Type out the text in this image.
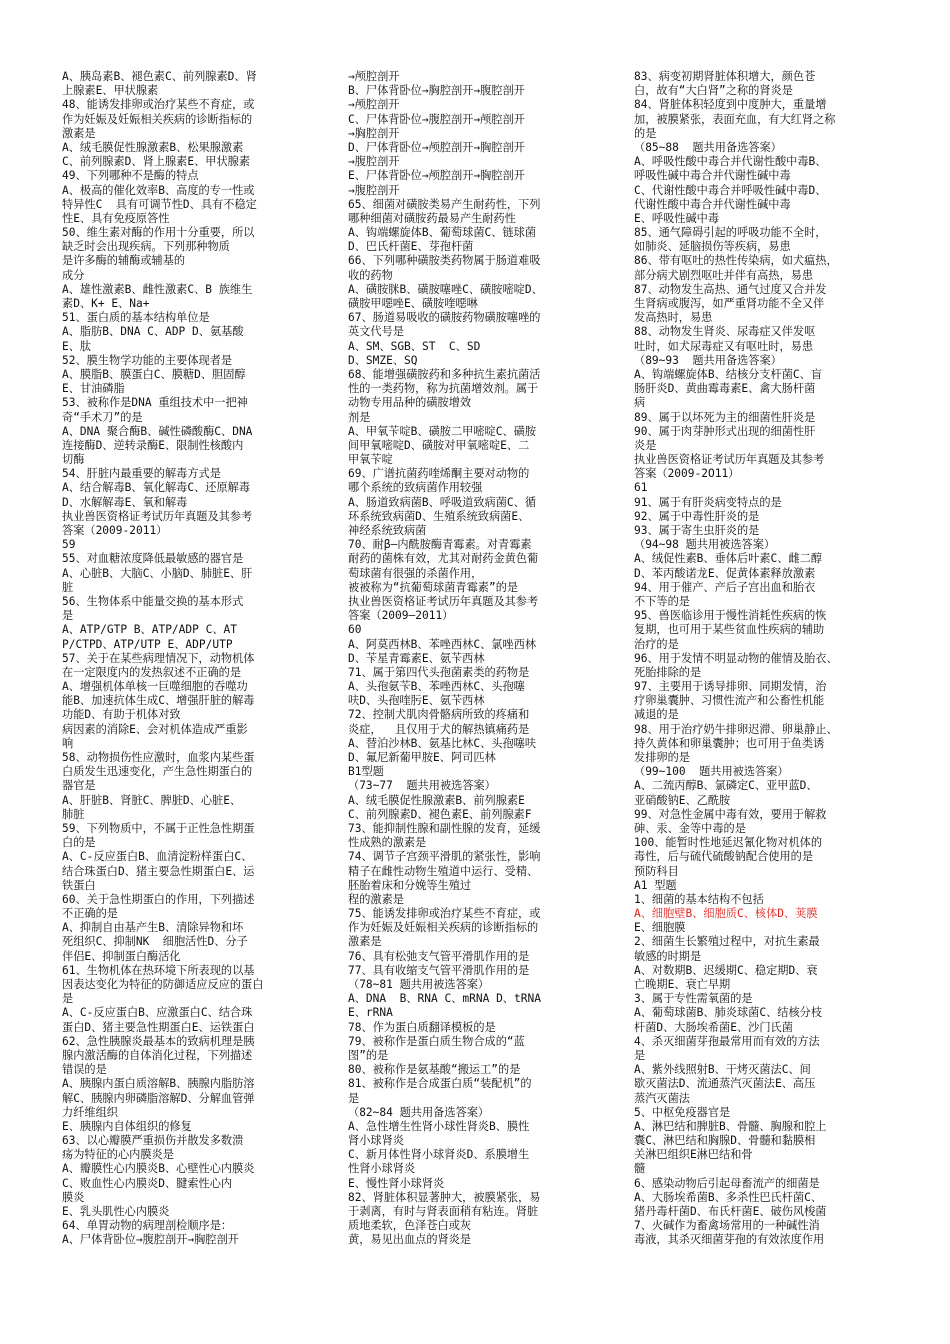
A、胰岛素B、褪色素C、前列腺素D、肾
上腺素E、甲状腺素
48、能诱发排卵或治疗某些不育症，或
作为妊娠及妊娠相关疾病的诊断指标的
激素是
A、绒毛膜促性腺激素B、松果腺激素
C、前列腺素D、肾上腺素E、甲状腺素
49、下列哪种不是酶的特点
A、极高的催化效率B、高度的专一性或
特异性C  具有可调节性D、具有不稳定
性E、具有免疫原答性
50、维生素对酶的作用十分重要，所以
缺乏时会出现疾病。下列那种物质
是许多酶的辅酶或辅基的
成分
A、雄性激素B、雌性激素C、B 族维生
素D、K+ E、Na+
51、蛋白质的基本结构单位是
A、脂肪B、DNA C、ADP D、氨基酸
E、肽
52、膜生物学功能的主要体现者是
A、膜脂B、膜蛋白C、膜糖D、胆固醇
E、甘油磷脂
53、被称作是DNA 重组技术中一把神
奇“手术刀”的是
A、DNA 聚合酶B、碱性磷酸酶C、DNA
连接酶D、逆转录酶E、限制性核酸内
切酶
54、肝脏内最重要的解毒方式是
A、结合解毒B、氧化解毒C、还原解毒
D、水解解毒E、氧和解毒
执业兽医资格证考试历年真题及其参考
答案（2009-2011）
59
55、对血糖浓度降低最敏感的器官是
A、心脏B、大脑C、小脑D、肺脏E、肝
脏
56、生物体系中能量交换的基本形式
是
A、ATP/GTP B、ATP/ADP C、AT
P/CTPD、ATP/UTP E、ADP/UTP
57、关于在某些病理情况下，动物机体
在一定限度内的发热叙述不正确的是
A、增强机体单核一巨噬细胞的吞噬功
能B、加速抗体生成C、增强肝脏的解毒
功能D、有助于机体对致
病因素的消除E、会对机体造成严重影
响
58、动物损伤性应激时，血浆内某些蛋
白质发生迅速变化，产生急性期蛋白的
器官是
A、肝脏B、肾脏C、脾脏D、心脏E、
肺脏
59、下列物质中，不属于正性急性期蛋
白的是
A、C-反应蛋白B、血清淀粉样蛋白C、
结合珠蛋白D、猪主要急性期蛋白E、运
铁蛋白
60、关于急性期蛋白的作用，下列描述
不正确的是
A、抑制自由基产生B、清除异物和坏
死组织C、抑制NK  细胞活性D、分子
伴侣E、抑制蛋白酶活化
61、生物机体在热环境下所表现的以基
因表达变化为特征的防御适应反应的蛋白
是
A、C-反应蛋白B、应激蛋白C、结合珠
蛋白D、猪主要急性期蛋白E、运铁蛋白
62、急性胰腺炎最基本的致病机理是胰
腺内激活酶的自体消化过程，下列描述
错误的是
A、胰腺内蛋白质溶解B、胰腺内脂肪溶
解C、胰腺内卵磷脂溶解D、分解血管弹
力纤维组织
E、胰腺内自体组织的修复
63、以心瓣膜严重损伤并散发多数溃
疡为特征的心内膜炎是
A、瓣膜性心内膜炎B、心壁性心内膜炎
C、败血性心内膜炎D、腱索性心内
膜炎
E、乳头肌性心内膜炎
64、单胃动物的病理剖检顺序是：
A、尸体背卧位→腹腔剖开→胸腔剖开
→颅腔剖开
B、尸体背卧位→胸腔剖开→腹腔剖开
→颅腔剖开
C、尸体背卧位→腹腔剖开→颅腔剖开
→胸腔剖开
D、尸体背卧位→颅腔剖开→胸腔剖开
→腹腔剖开
E、尸体背卧位→颅腔剖开→胸腔剖开
→腹腔剖开
65、细菌对磺胺类易产生耐药性，下列
哪种细菌对磺胺药最易产生耐药性
A、钩端螺旋体B、葡萄球菌C、链球菌
D、巴氏杆菌E、芽孢杆菌
66、下列哪种磺胺类药物属于肠道难吸
收的药物
A、磺胺脒B、磺胺噻唑C、磺胺嘧啶D、
磺胺甲噁唑E、磺胺喹噁啉
67、肠道易吸收的磺胺药物磺胺噻唑的
英文代号是
A、SM、SGB、ST  C、SD
D、SMZE、SQ
68、能增强磺胺药和多种抗生素抗菌活
性的一类药物，称为抗菌增效剂。属于
动物专用品种的磺胺增效
剂是
A、甲氧苄啶B、磺胺二甲嘧啶C、磺胺
间甲氧嘧啶D、磺胺对甲氧嘧啶E、二
甲氧苄啶
69、广谱抗菌药喹烯酮主要对动物的
哪个系统的致病菌作用较强
A、肠道致病菌B、呼吸道致病菌C、循
环系统致病菌D、生殖系统致病菌E、
神经系统致病菌
70、耐β—内酰胺酶青霉素。对青霉素
耐药的菌株有效，尤其对耐药金黄色葡
萄球菌有很强的杀菌作用，
被被称为“抗葡萄球菌青霉素”的是
执业兽医资格证考试历年真题及其参考
答案（2009—2011）
60
A、阿莫西林B、苯唑西林C、氯唑西林
D、苄星青霉素E、氨苄西林
71、属于第四代头孢菌素类的药物是
A、头孢氨苄B、苯唑西林C、头孢噻
呋D、头孢喹肟E、氨苄西林
72、控制犬肌肉骨骼病所致的疼痛和
炎症，  且仅用于犬的解热镇痛药是
A、替泊沙林B、氨基比林C、头孢噻呋
D、氟尼新葡甲胺E、阿司匹林
B1型题
（73~77  题共用被选答案）
A、绒毛膜促性腺激素B、前列腺素E
C、前列腺素D、褪色素E、前列腺素F
73、能抑制性腺和副性腺的发育，延缓
性成熟的激素是
74、调节子宫颈平滑肌的紧张性，影响
精子在雌性动物生殖道中运行、受精、
胚胎着床和分娩等生殖过
程的激素是
75、能诱发排卵或治疗某些不育症，或
作为妊娠及妊娠相关疾病的诊断指标的
激素是
76、具有松弛支气管平滑肌作用的是
77、具有收缩支气管平滑肌作用的是
（78~81 题共用被选答案）
A、DNA  B、RNA C、mRNA D、tRNA
E、rRNA
78、作为蛋白质翻译模板的是
79、被称作是蛋白质生物合成的“蓝
图”的是
80、被称作是氨基酸“搬运工”的是
81、被称作是合成蛋白质“装配机”的
是
（82~84 题共用备选答案）
A、急性增生性肾小球性肾炎B、膜性
肾小球肾炎
C、新月体性肾小球肾炎D、系膜增生
性肾小球肾炎
E、慢性肾小球肾炎
82、肾脏体积显著肿大，被膜紧张，易
于剥离，有时与肾表面稍有粘连。肾脏
质地柔软，色泽苍白或灰
黄，易见出血点的肾炎是
83、病变初期肾脏体积增大，颜色苍
白，故有“大白肾”之称的肾炎是
84、肾脏体积轻度到中度肿大，重量增
加，被膜紧张，表面充血，有大红肾之称
的是
（85~88  题共用备选答案）
A、呼吸性酸中毒合并代谢性酸中毒B、
呼吸性碱中毒合并代谢性碱中毒
C、代谢性酸中毒合并呼吸性碱中毒D、
代谢性酸中毒合并代谢性碱中毒
E、呼吸性碱中毒
85、通气障碍引起的呼吸功能不全时，
如肺炎、延脑损伤等疾病，易患
86、带有呕吐的热性传染病，如犬瘟热，
部分病犬剧烈呕吐并伴有高热，易患
87、动物发生高热、通气过度又合并发
生肾病或腹泻，如严重肾功能不全又伴
发高热时，易患
88、动物发生肾炎、尿毒症又伴发呕
吐时，如犬尿毒症又有呕吐时，易患
（89~93  题共用备选答案）
A、钩端螺旋体B、结核分支杆菌C、盲
肠肝炎D、黄曲霉毒素E、禽大肠杆菌
病
89、属于以坏死为主的细菌性肝炎是
90、属于肉芽肿形式出现的细菌性肝
炎是
执业兽医资格证考试历年真题及其参考
答案（2009-2O11）
61
91、属于有肝炎病变特点的是
92、属于中毒性肝炎的是
93、属于寄生虫肝炎的是
（94~98 题共用被选答案）
A、绒促性素B、垂体后叶素C、雌二醇
D、苯丙酸诺龙E、促黄体素释放激素
94、用于催产、产后子宫出血和胎衣
不下等的是
95、兽医临诊用于慢性消耗性疾病的恢
复期，也可用于某些贫血性疾病的辅助
治疗的是
96、用于发情不明显动物的催情及胎衣、
死胎排除的是
97、主要用于诱导排卵、同期发情，治
疗卵巢囊肿、习惯性流产和公畜性机能
减退的是
98、用于治疗奶牛排卵迟滞、卵巢静止、
持久黄体和卵巢囊肿；也可用于鱼类诱
发排卵的是
（99~100  题共用被选答案）
A、二巯丙醇B、氯磷定C、亚甲蓝D、
亚硝酸钠E、乙酰胺
99、对急性金属中毒有效，要用于解救
砷、汞、金等中毒的是
100、能暂时性地延迟氰化物对机体的
毒性，后与硫代硫酸钠配合使用的是
预防科目
A1 型题
1、细菌的基本结构不包括
A、细胞壁B、细胞质C、核体D、荚膜
E、细胞膜
2、细菌生长繁殖过程中，对抗生素最
敏感的时期是
A、对数期B、迟缓期C、稳定期D、衰
亡晚期E、衰亡早期
3、属于专性需氧菌的是
A、葡萄球菌B、肺炎球菌C、结核分枝
杆菌D、大肠埃希菌E、沙门氏菌
4、杀灭细菌芽孢最常用而有效的方法
是
A、紫外线照射B、干烤灭菌法C、间
歇灭菌法D、流通蒸汽灭菌法E、高压
蒸汽灭菌法
5、中枢免疫器官是
A、淋巴结和脾脏B、骨髓、胸腺和腔上
囊C、淋巴结和胸腺D、骨髓和黏膜相
关淋巴组织E淋巴结和骨
髓
6、感染动物后引起母畜流产的细菌是
A、大肠埃希菌B、多杀性巴氏杆菌C、
猪丹毒杆菌D、布氏杆菌E、破伤风梭菌
7、火碱作为畜禽场常用的一种碱性消
毒液，其杀灭细菌芽孢的有效浓度作用
